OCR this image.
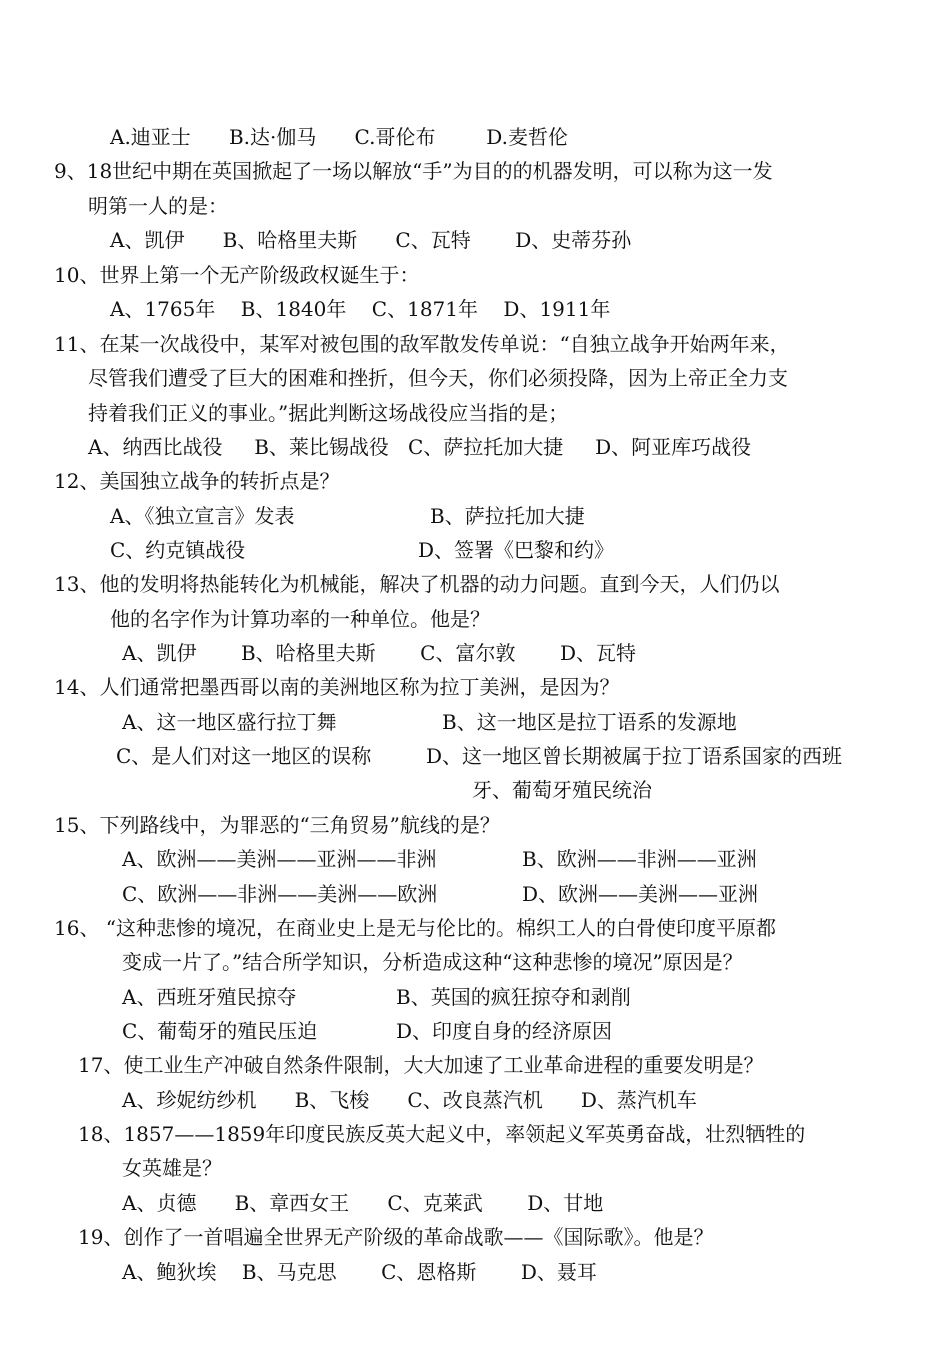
A.迪亚士      B.达·伽马      C.哥伦布        D.麦哲伦

9、18世纪中期在英国掀起了一场以解放“手”为目的的机器发明，可以称为这一发

明第一人的是：

A、凯伊      B、哈格里夫斯      C、瓦特       D、史蒂芬孙

10、世界上第一个无产阶级政权诞生于：

A、1765年    B、1840年    C、1871年    D、1911年

11、在某一次战役中，某军对被包围的敌军散发传单说：“自独立战争开始两年来，

尽管我们遭受了巨大的困难和挫折，但今天，你们必须投降，因为上帝正全力支

持着我们正义的事业。”据此判断这场战役应当指的是；

A、纳西比战役     B、莱比锡战役   C、萨拉托加大捷     D、阿亚库巧战役

12、美国独立战争的转折点是？

A、《独立宣言》发表	B、萨拉托加大捷

C、约克镇战役	D、签署《巴黎和约》

13、他的发明将热能转化为机械能，解决了机器的动力问题。直到今天，人们仍以

他的名字作为计算功率的一种单位。他是？

A、凯伊       B、哈格里夫斯       C、富尔敦       D、瓦特

14、人们通常把墨西哥以南的美洲地区称为拉丁美洲，是因为？

A、这一地区盛行拉丁舞	B、这一地区是拉丁语系的发源地

C、是人们对这一地区的误称	D、这一地区曾长期被属于拉丁语系国家的西班

牙、葡萄牙殖民统治

15、下列路线中，为罪恶的“三角贸易”航线的是？

A、欧洲——美洲——亚洲——非洲	B、欧洲——非洲——亚洲

C、欧洲——非洲——美洲——欧洲	D、欧洲——美洲——亚洲

16、 “这种悲惨的境况，在商业史上是无与伦比的。棉织工人的白骨使印度平原都

变成一片了。”结合所学知识，分析造成这种“这种悲惨的境况”原因是？

A、西班牙殖民掠夺	B、英国的疯狂掠夺和剥削

C、葡萄牙的殖民压迫	D、印度自身的经济原因

17、使工业生产冲破自然条件限制，大大加速了工业革命进程的重要发明是？

A、珍妮纺纱机      B、飞梭      C、改良蒸汽机      D、蒸汽机车

18、1857——1859年印度民族反英大起义中，率领起义军英勇奋战，壮烈牺牲的

女英雄是？

A、贞德      B、章西女王      C、克莱武       D、甘地

19、创作了一首唱遍全世界无产阶级的革命战歌——《国际歌》。他是？

A、鲍狄埃    B、马克思       C、恩格斯       D、聂耳
